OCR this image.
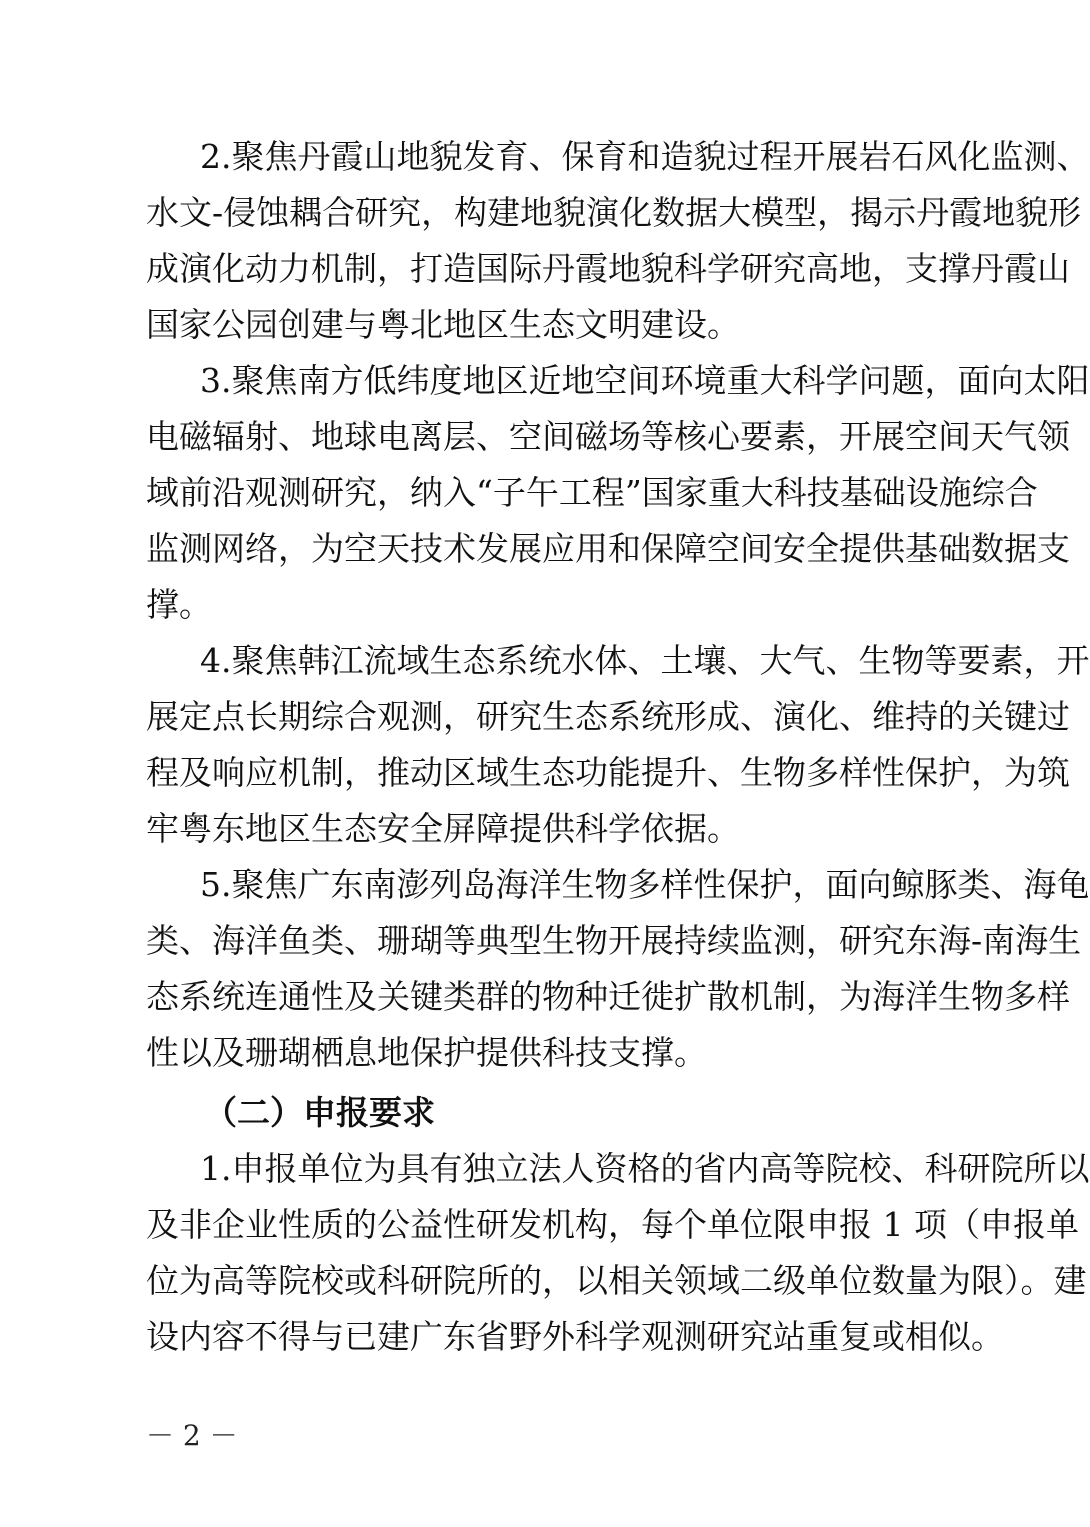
2.聚焦丹霞山地貌发育、保育和造貌过程开展岩石风化监测、
水文-侵蚀耦合研究，构建地貌演化数据大模型，揭示丹霞地貌形
成演化动力机制，打造国际丹霞地貌科学研究高地，支撑丹霞山
国家公园创建与粤北地区生态文明建设。
3.聚焦南方低纬度地区近地空间环境重大科学问题，面向太阳
电磁辐射、地球电离层、空间磁场等核心要素，开展空间天气领
域前沿观测研究，纳入“子午工程”国家重大科技基础设施综合
监测网络，为空天技术发展应用和保障空间安全提供基础数据支
撑。
4.聚焦韩江流域生态系统水体、土壤、大气、生物等要素，开
展定点长期综合观测，研究生态系统形成、演化、维持的关键过
程及响应机制，推动区域生态功能提升、生物多样性保护，为筑
牢粤东地区生态安全屏障提供科学依据。
5.聚焦广东南澎列岛海洋生物多样性保护，面向鲸豚类、海龟
类、海洋鱼类、珊瑚等典型生物开展持续监测，研究东海-南海生
态系统连通性及关键类群的物种迁徙扩散机制，为海洋生物多样
性以及珊瑚栖息地保护提供科技支撑。
（二）申报要求
1.申报单位为具有独立法人资格的省内高等院校、科研院所以
及非企业性质的公益性研发机构，每个单位限申报 1 项（申报单
位为高等院校或科研院所的，以相关领域二级单位数量为限）。建
设内容不得与已建广东省野外科学观测研究站重复或相似。
－ 2 －
